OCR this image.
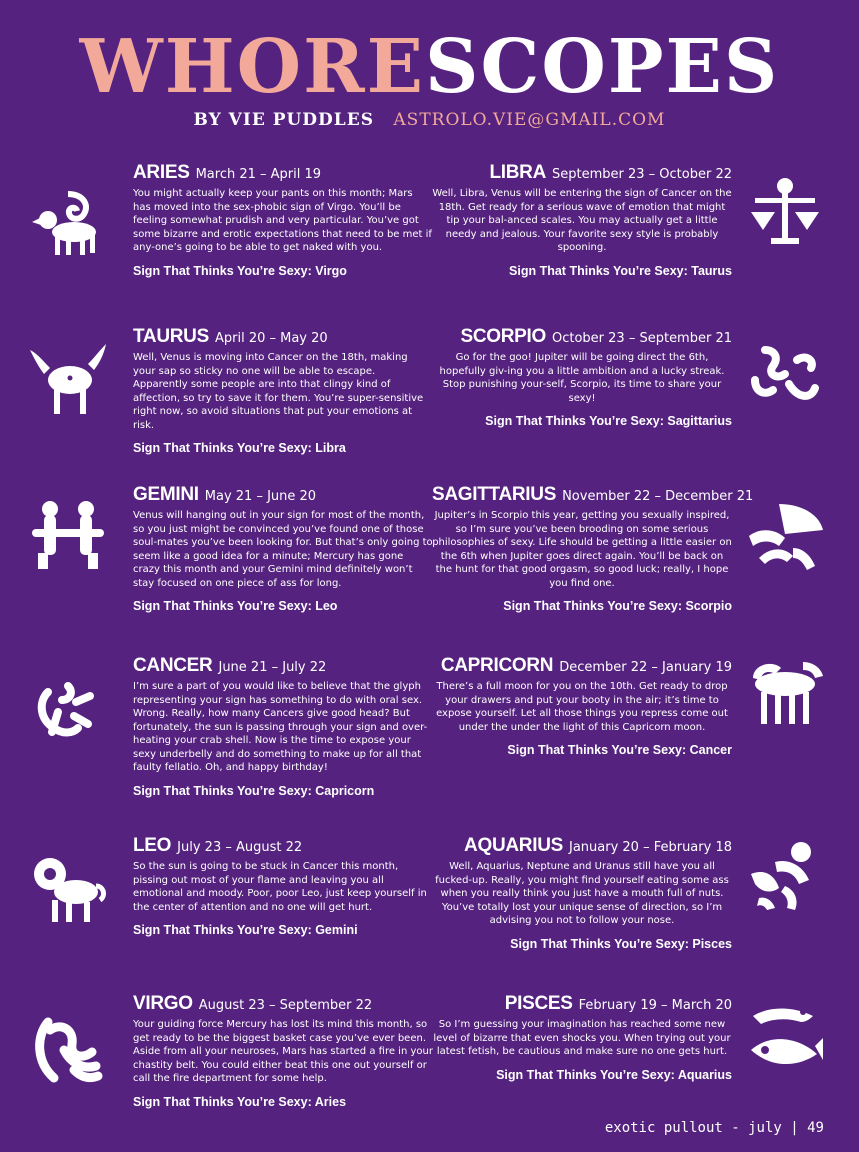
WHORESCOPES
BY VIE PUDDLES ASTROLO.VIE@GMAIL.COM
ARIES March 21 – April 19
You might actually keep your pants on this month; Mars has moved into the sex-phobic sign of Virgo. You’ll be feeling somewhat prudish and very particular. You’ve got some bizarre and erotic expectations that need to be met if any-one’s going to be able to get naked with you.
Sign That Thinks You’re Sexy: Virgo
LIBRA September 23 – October 22
Well, Libra, Venus will be entering the sign of Cancer on the 18th. Get ready for a serious wave of emotion that might tip your bal-anced scales. You may actually get a little needy and jealous. Your favorite sexy style is probably spooning.
Sign That Thinks You’re Sexy: Taurus
TAURUS April 20 – May 20
Well, Venus is moving into Cancer on the 18th, making your sap so sticky no one will be able to escape. Apparently some people are into that clingy kind of affection, so try to save it for them. You’re super-sensitive right now, so avoid situations that put your emotions at risk.
Sign That Thinks You’re Sexy: Libra
SCORPIO October 23 – September 21
Go for the goo! Jupiter will be going direct the 6th, hopefully giv-ing you a little ambition and a lucky streak. Stop punishing your-self, Scorpio, its time to share your sexy!
Sign That Thinks You’re Sexy: Sagittarius
GEMINI May 21 – June 20
Venus will hanging out in your sign for most of the month, so you just might be convinced you’ve found one of those soul-mates you’ve been looking for. But that’s only going to seem like a good idea for a minute; Mercury has gone crazy this month and your Gemini mind definitely won’t stay focused on one piece of ass for long.
Sign That Thinks You’re Sexy: Leo
SAGITTARIUS November 22 – December 21
Jupiter’s in Scorpio this year, getting you sexually inspired, so I’m sure you’ve been brooding on some serious philosophies of sexy. Life should be getting a little easier on the 6th when Jupiter goes direct again. You’ll be back on the hunt for that good orgasm, so good luck; really, I hope you find one.
Sign That Thinks You’re Sexy: Scorpio
CANCER June 21 – July 22
I’m sure a part of you would like to believe that the glyph representing your sign has something to do with oral sex. Wrong. Really, how many Cancers give good head? But fortunately, the sun is passing through your sign and over-heating your crab shell. Now is the time to expose your sexy underbelly and do something to make up for all that faulty fellatio. Oh, and happy birthday!
Sign That Thinks You’re Sexy: Capricorn
CAPRICORN December 22 – January 19
There’s a full moon for you on the 10th. Get ready to drop your drawers and put your booty in the air; it’s time to expose yourself. Let all those things you repress come out under the under the light of this Capricorn moon.
Sign That Thinks You’re Sexy: Cancer
LEO July 23 – August 22
So the sun is going to be stuck in Cancer this month, pissing out most of your flame and leaving you all emotional and moody. Poor, poor Leo, just keep yourself in the center of attention and no one will get hurt.
Sign That Thinks You’re Sexy: Gemini
AQUARIUS January 20 – February 18
Well, Aquarius, Neptune and Uranus still have you all fucked-up. Really, you might find yourself eating some ass when you really think you just have a mouth full of nuts. You’ve totally lost your unique sense of direction, so I’m advising you not to follow your nose.
Sign That Thinks You’re Sexy: Pisces
VIRGO August 23 – September 22
Your guiding force Mercury has lost its mind this month, so get ready to be the biggest basket case you’ve ever been. Aside from all your neuroses, Mars has started a fire in your chastity belt. You could either beat this one out yourself or call the fire department for some help.
Sign That Thinks You’re Sexy: Aries
PISCES February 19 – March 20
So I’m guessing your imagination has reached some new level of bizarre that even shocks you. When trying out your latest fetish, be cautious and make sure no one gets hurt.
Sign That Thinks You’re Sexy: Aquarius
exotic pullout - july | 49
